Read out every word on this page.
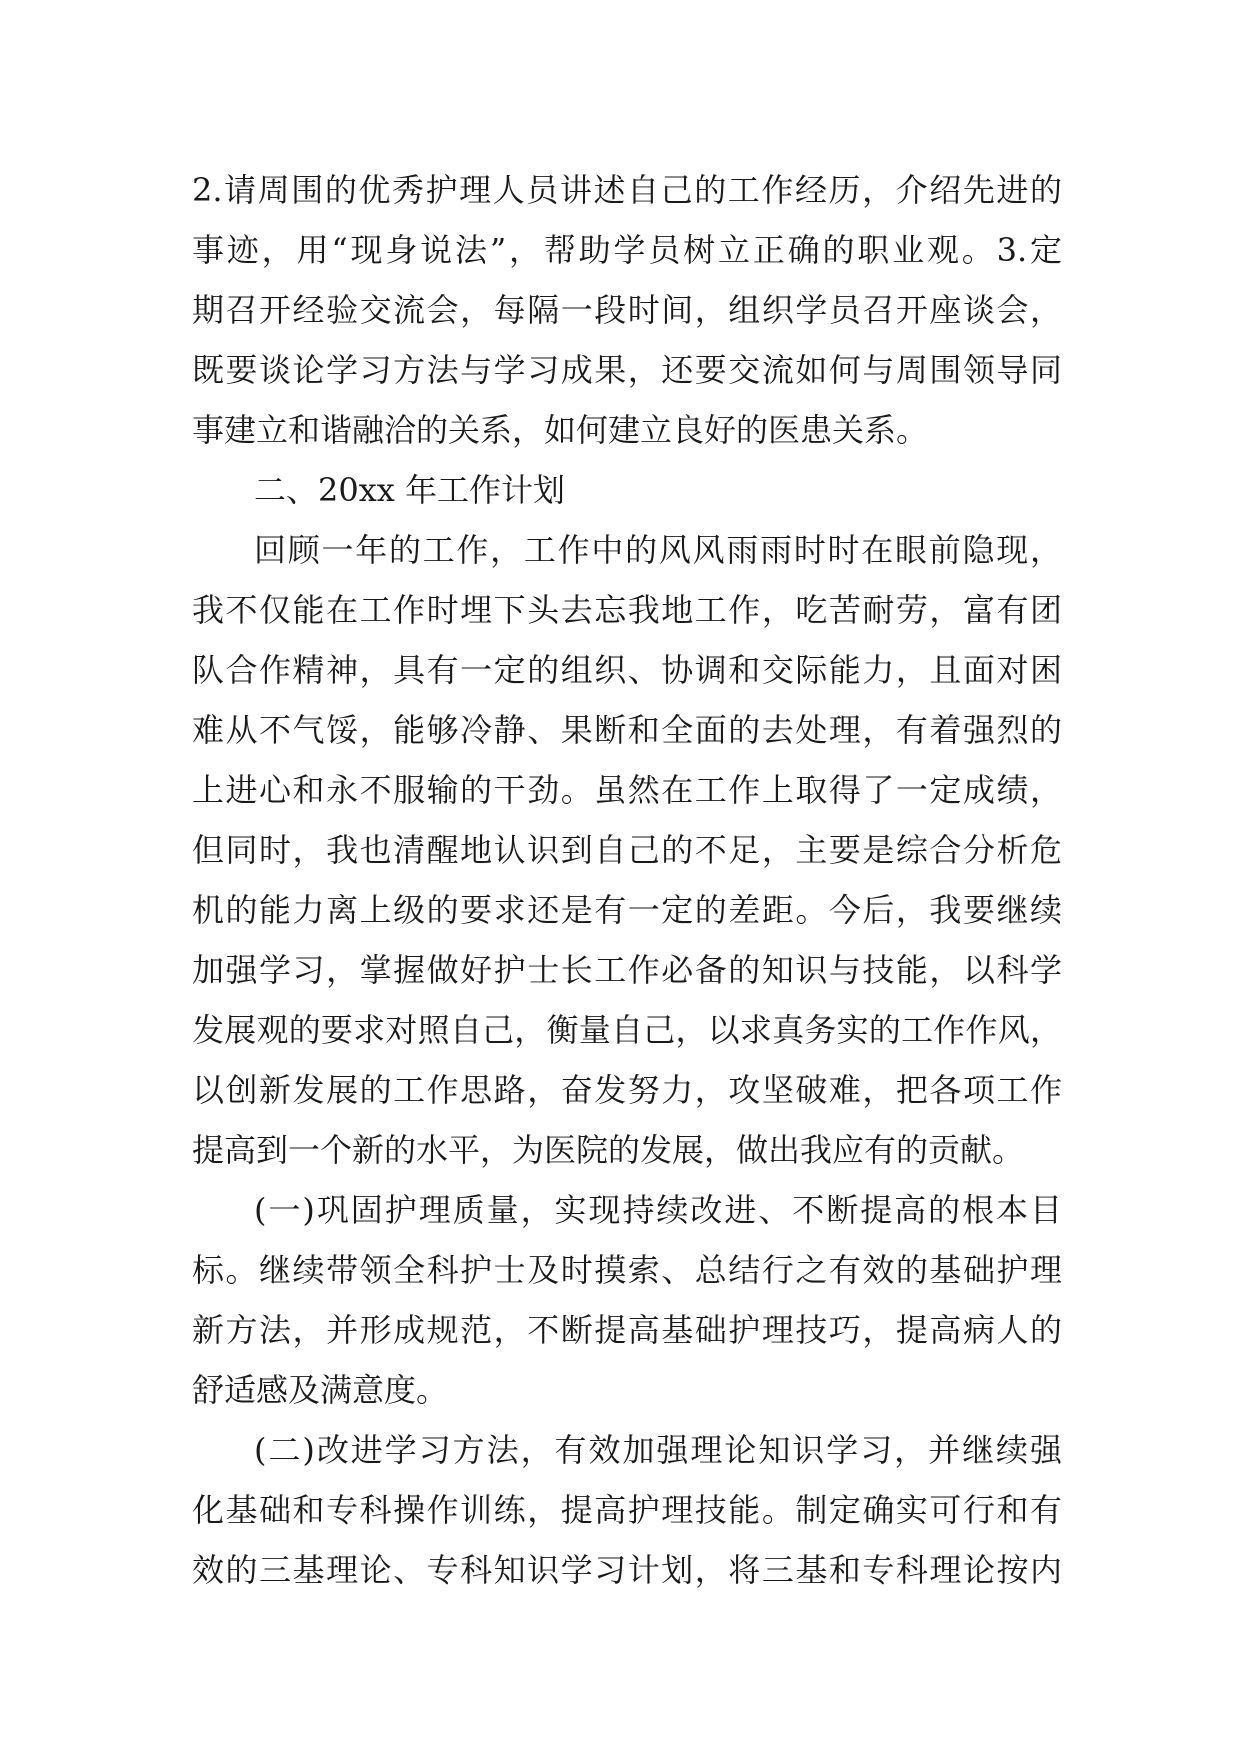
2.请周围的优秀护理人员讲述自己的工作经历，介绍先进的
事迹，用“现身说法”，帮助学员树立正确的职业观。3.定
期召开经验交流会，每隔一段时间，组织学员召开座谈会，
既要谈论学习方法与学习成果，还要交流如何与周围领导同
事建立和谐融洽的关系，如何建立良好的医患关系。
二、20xx 年工作计划
回顾一年的工作，工作中的风风雨雨时时在眼前隐现，
我不仅能在工作时埋下头去忘我地工作，吃苦耐劳，富有团
队合作精神，具有一定的组织、协调和交际能力，且面对困
难从不气馁，能够冷静、果断和全面的去处理，有着强烈的
上进心和永不服输的干劲。虽然在工作上取得了一定成绩，
但同时，我也清醒地认识到自己的不足，主要是综合分析危
机的能力离上级的要求还是有一定的差距。今后，我要继续
加强学习，掌握做好护士长工作必备的知识与技能，以科学
发展观的要求对照自己，衡量自己，以求真务实的工作作风，
以创新发展的工作思路，奋发努力，攻坚破难，把各项工作
提高到一个新的水平，为医院的发展，做出我应有的贡献。
(一)巩固护理质量，实现持续改进、不断提高的根本目
标。继续带领全科护士及时摸索、总结行之有效的基础护理
新方法，并形成规范，不断提高基础护理技巧，提高病人的
舒适感及满意度。
(二)改进学习方法，有效加强理论知识学习，并继续强
化基础和专科操作训练，提高护理技能。制定确实可行和有
效的三基理论、专科知识学习计划，将三基和专科理论按内
